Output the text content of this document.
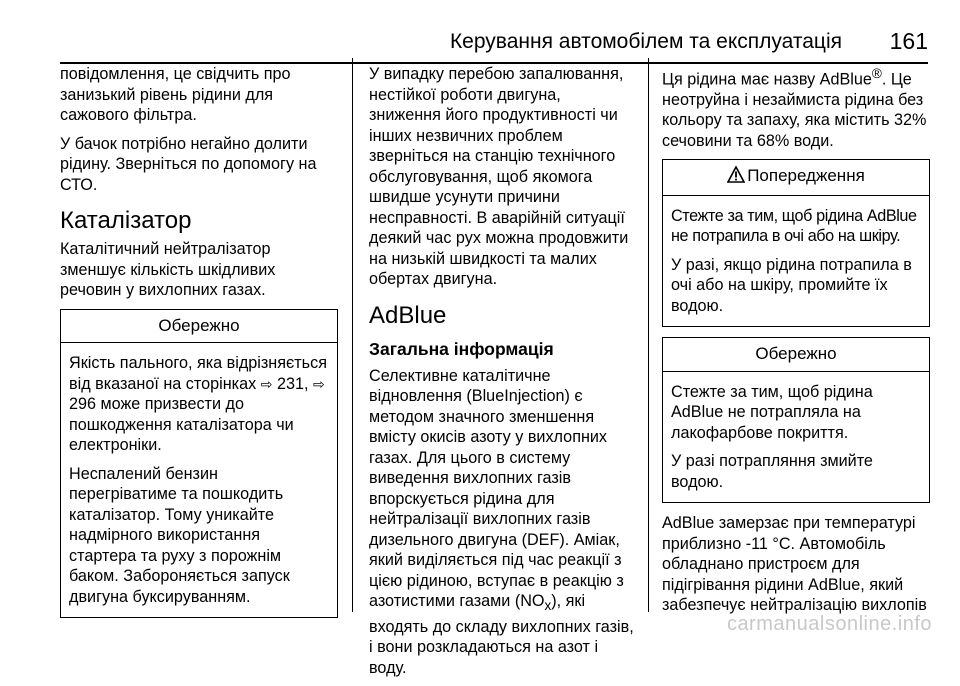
Керування автомобілем та експлуатація 161

повідомлення, це свідчить про занизький рівень рідини для сажового фільтра.

У бачок потрібно негайно долити рідину. Зверніться по допомогу на СТО.

Каталізатор

Каталітичний нейтралізатор зменшує кількість шкідливих речовин у вихлопних газах.

Обережно

Якість пального, яка відрізняється від вказаної на сторінках ⇨ 231, ⇨ 296 може призвести до пошкодження каталізатора чи електроніки.

Неспалений бензин перегріватиме та пошкодить каталізатор. Тому уникайте надмірного використання стартера та руху з порожнім баком. Забороняється запуск двигуна буксируванням.

У випадку перебою запалювання, нестійкої роботи двигуна, зниження його продуктивності чи інших незвичних проблем зверніться на станцію технічного обслуговування, щоб якомога швидше усунути причини несправності. В аварійній ситуації деякий час рух можна продовжити на низькій швидкості та малих обертах двигуна.

AdBlue
Загальна інформація

Селективне каталітичне відновлення (BlueInjection) є методом значного зменшення вмісту окисів азоту у вихлопних газах. Для цього в систему виведення вихлопних газів впорскується рідина для нейтралізації вихлопних газів дизельного двигуна (DEF). Аміак, який виділяється під час реакції з цією рідиною, вступає в реакцію з азотистими газами $(NO_x)$, які входять до складу вихлопних газів, і вони розкладаються на азот і воду.

Ця рідина має назву AdBlue®. Це неотруйна і незаймиста рідина без кольору та запаху, яка містить 32% сечовини та 68% води.

Попередження

Стежте за тим, щоб рідина AdBlue не потрапила в очі або на шкіру.

У разі, якщо рідина потрапила в очі або на шкіру, промийте їх водою.

Обережно

Стежте за тим, щоб рідина AdBlue не потрапляла на лакофарбове покриття.

У разі потрапляння змийте водою.

AdBlue замерзає при температурі приблизно -11 °C. Автомобіль обладнано пристроєм для підігрівання рідини AdBlue, який забезпечує нейтралізацію вихлопів

carmanualsonline.info
